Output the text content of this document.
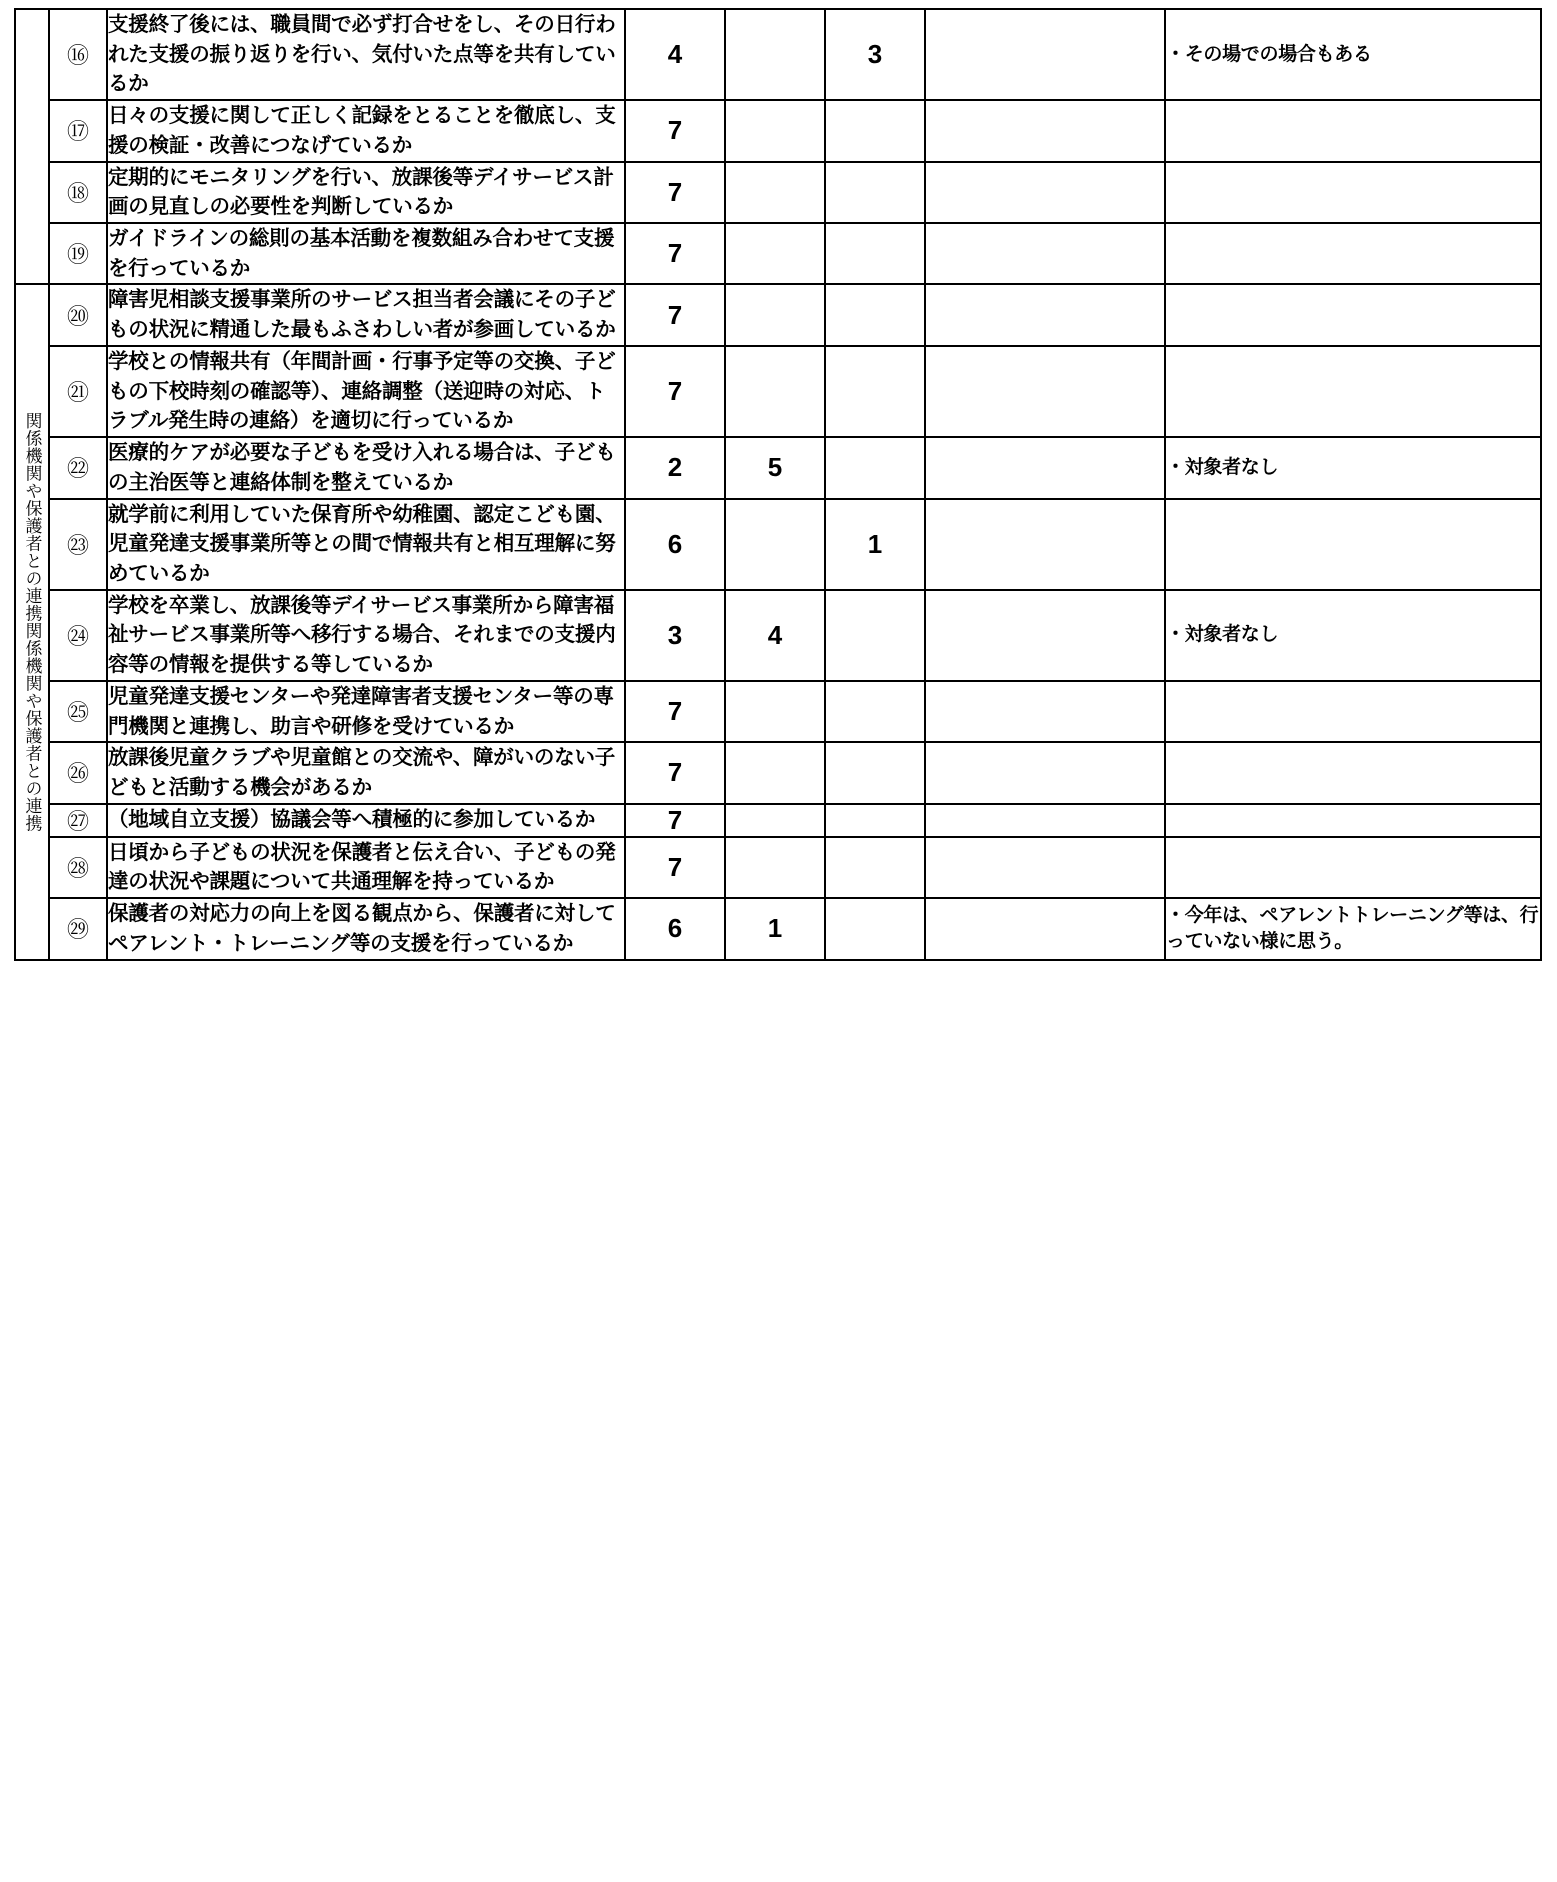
	⑯	支援終了後には、職員間で必ず打合せをし、その日行われた支援の振り返りを行い、気付いた点等を共有しているか	4		3		・その場での場合もある

	⑰	日々の支援に関して正しく記録をとることを徹底し、支援の検証・改善につなげているか	7				

	⑱	定期的にモニタリングを行い、放課後等デイサービス計画の見直しの必要性を判断しているか	7				

	⑲	ガイドラインの総則の基本活動を複数組み合わせて支援を行っているか	7				

関係機関や保護者との連携関係機関や保護者との連携	⑳	障害児相談支援事業所のサービス担当者会議にその子どもの状況に精通した最もふさわしい者が参画しているか	7				

	㉑	学校との情報共有（年間計画・行事予定等の交換、子どもの下校時刻の確認等）、連絡調整（送迎時の対応、トラブル発生時の連絡）を適切に行っているか	7				

	㉒	医療的ケアが必要な子どもを受け入れる場合は、子どもの主治医等と連絡体制を整えているか	2	5			・対象者なし

	㉓	就学前に利用していた保育所や幼稚園、認定こども園、児童発達支援事業所等との間で情報共有と相互理解に努めているか	6		1		

	㉔	学校を卒業し、放課後等デイサービス事業所から障害福祉サービス事業所等へ移行する場合、それまでの支援内容等の情報を提供する等しているか	3	4			・対象者なし

	㉕	児童発達支援センターや発達障害者支援センター等の専門機関と連携し、助言や研修を受けているか	7				

	㉖	放課後児童クラブや児童館との交流や、障がいのない子どもと活動する機会があるか	7				

	㉗	（地域自立支援）協議会等へ積極的に参加しているか	7				

	㉘	日頃から子どもの状況を保護者と伝え合い、子どもの発達の状況や課題について共通理解を持っているか	7				

	㉙	保護者の対応力の向上を図る観点から、保護者に対してペアレント・トレーニング等の支援を行っているか	6	1			・今年は、ペアレントトレーニング等は、行っていない様に思う。
